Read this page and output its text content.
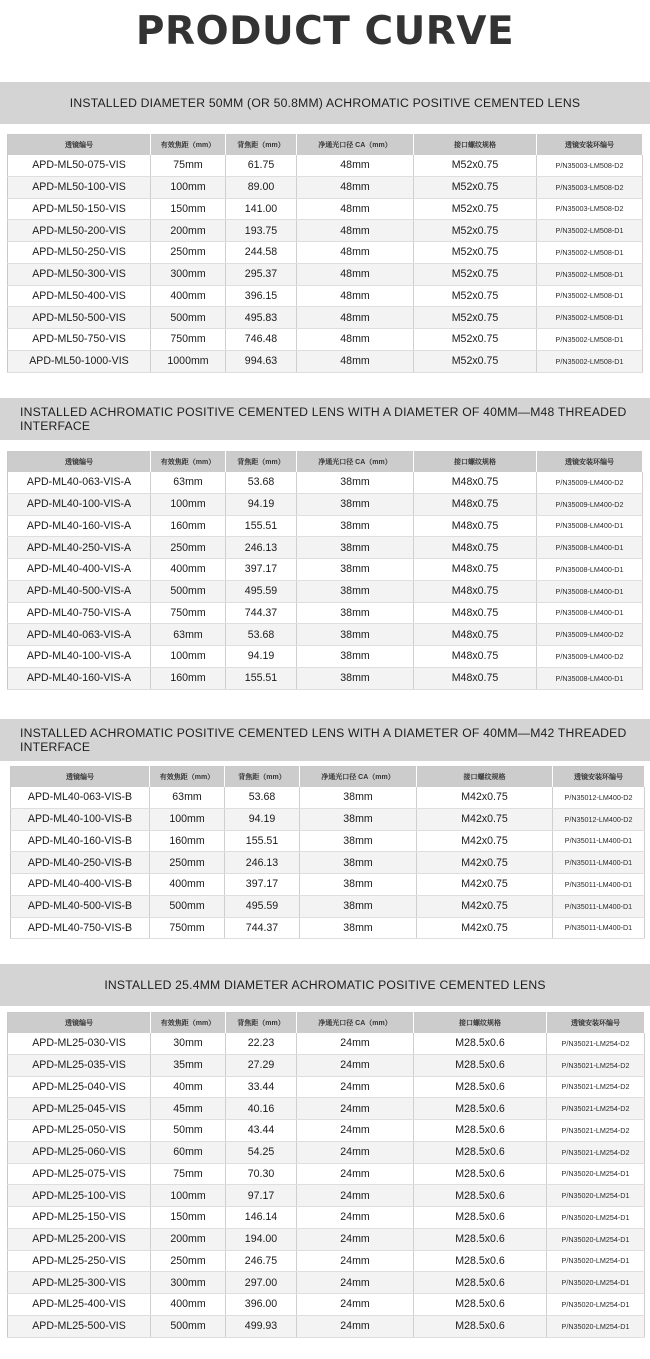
PRODUCT CURVE
INSTALLED DIAMETER 50MM (OR 50.8MM) ACHROMATIC POSITIVE CEMENTED LENS
透镜编号	有效焦距（mm）	背焦距（mm）	净通光口径 CA（mm）	接口螺纹规格	透镜安装环编号
APD-ML50-075-VIS	75mm	61.75	48mm	M52x0.75	P/N35003-LM508-D2
APD-ML50-100-VIS	100mm	89.00	48mm	M52x0.75	P/N35003-LM508-D2
APD-ML50-150-VIS	150mm	141.00	48mm	M52x0.75	P/N35003-LM508-D2
APD-ML50-200-VIS	200mm	193.75	48mm	M52x0.75	P/N35002-LM508-D1
APD-ML50-250-VIS	250mm	244.58	48mm	M52x0.75	P/N35002-LM508-D1
APD-ML50-300-VIS	300mm	295.37	48mm	M52x0.75	P/N35002-LM508-D1
APD-ML50-400-VIS	400mm	396.15	48mm	M52x0.75	P/N35002-LM508-D1
APD-ML50-500-VIS	500mm	495.83	48mm	M52x0.75	P/N35002-LM508-D1
APD-ML50-750-VIS	750mm	746.48	48mm	M52x0.75	P/N35002-LM508-D1
APD-ML50-1000-VIS	1000mm	994.63	48mm	M52x0.75	P/N35002-LM508-D1
INSTALLED ACHROMATIC POSITIVE CEMENTED LENS WITH A DIAMETER OF 40MM—M48 THREADED INTERFACE
透镜编号	有效焦距（mm）	背焦距（mm）	净通光口径 CA（mm）	接口螺纹规格	透镜安装环编号
APD-ML40-063-VIS-A	63mm	53.68	38mm	M48x0.75	P/N35009-LM400-D2
APD-ML40-100-VIS-A	100mm	94.19	38mm	M48x0.75	P/N35009-LM400-D2
APD-ML40-160-VIS-A	160mm	155.51	38mm	M48x0.75	P/N35008-LM400-D1
APD-ML40-250-VIS-A	250mm	246.13	38mm	M48x0.75	P/N35008-LM400-D1
APD-ML40-400-VIS-A	400mm	397.17	38mm	M48x0.75	P/N35008-LM400-D1
APD-ML40-500-VIS-A	500mm	495.59	38mm	M48x0.75	P/N35008-LM400-D1
APD-ML40-750-VIS-A	750mm	744.37	38mm	M48x0.75	P/N35008-LM400-D1
APD-ML40-063-VIS-A	63mm	53.68	38mm	M48x0.75	P/N35009-LM400-D2
APD-ML40-100-VIS-A	100mm	94.19	38mm	M48x0.75	P/N35009-LM400-D2
APD-ML40-160-VIS-A	160mm	155.51	38mm	M48x0.75	P/N35008-LM400-D1
INSTALLED ACHROMATIC POSITIVE CEMENTED LENS WITH A DIAMETER OF 40MM—M42 THREADED INTERFACE
透镜编号	有效焦距（mm）	背焦距（mm）	净通光口径 CA（mm）	接口螺纹规格	透镜安装环编号
APD-ML40-063-VIS-B	63mm	53.68	38mm	M42x0.75	P/N35012-LM400-D2
APD-ML40-100-VIS-B	100mm	94.19	38mm	M42x0.75	P/N35012-LM400-D2
APD-ML40-160-VIS-B	160mm	155.51	38mm	M42x0.75	P/N35011-LM400-D1
APD-ML40-250-VIS-B	250mm	246.13	38mm	M42x0.75	P/N35011-LM400-D1
APD-ML40-400-VIS-B	400mm	397.17	38mm	M42x0.75	P/N35011-LM400-D1
APD-ML40-500-VIS-B	500mm	495.59	38mm	M42x0.75	P/N35011-LM400-D1
APD-ML40-750-VIS-B	750mm	744.37	38mm	M42x0.75	P/N35011-LM400-D1
INSTALLED 25.4MM DIAMETER ACHROMATIC POSITIVE CEMENTED LENS
透镜编号	有效焦距（mm）	背焦距（mm）	净通光口径 CA（mm）	接口螺纹规格	透镜安装环编号
APD-ML25-030-VIS	30mm	22.23	24mm	M28.5x0.6	P/N35021-LM254-D2
APD-ML25-035-VIS	35mm	27.29	24mm	M28.5x0.6	P/N35021-LM254-D2
APD-ML25-040-VIS	40mm	33.44	24mm	M28.5x0.6	P/N35021-LM254-D2
APD-ML25-045-VIS	45mm	40.16	24mm	M28.5x0.6	P/N35021-LM254-D2
APD-ML25-050-VIS	50mm	43.44	24mm	M28.5x0.6	P/N35021-LM254-D2
APD-ML25-060-VIS	60mm	54.25	24mm	M28.5x0.6	P/N35021-LM254-D2
APD-ML25-075-VIS	75mm	70.30	24mm	M28.5x0.6	P/N35020-LM254-D1
APD-ML25-100-VIS	100mm	97.17	24mm	M28.5x0.6	P/N35020-LM254-D1
APD-ML25-150-VIS	150mm	146.14	24mm	M28.5x0.6	P/N35020-LM254-D1
APD-ML25-200-VIS	200mm	194.00	24mm	M28.5x0.6	P/N35020-LM254-D1
APD-ML25-250-VIS	250mm	246.75	24mm	M28.5x0.6	P/N35020-LM254-D1
APD-ML25-300-VIS	300mm	297.00	24mm	M28.5x0.6	P/N35020-LM254-D1
APD-ML25-400-VIS	400mm	396.00	24mm	M28.5x0.6	P/N35020-LM254-D1
APD-ML25-500-VIS	500mm	499.93	24mm	M28.5x0.6	P/N35020-LM254-D1
